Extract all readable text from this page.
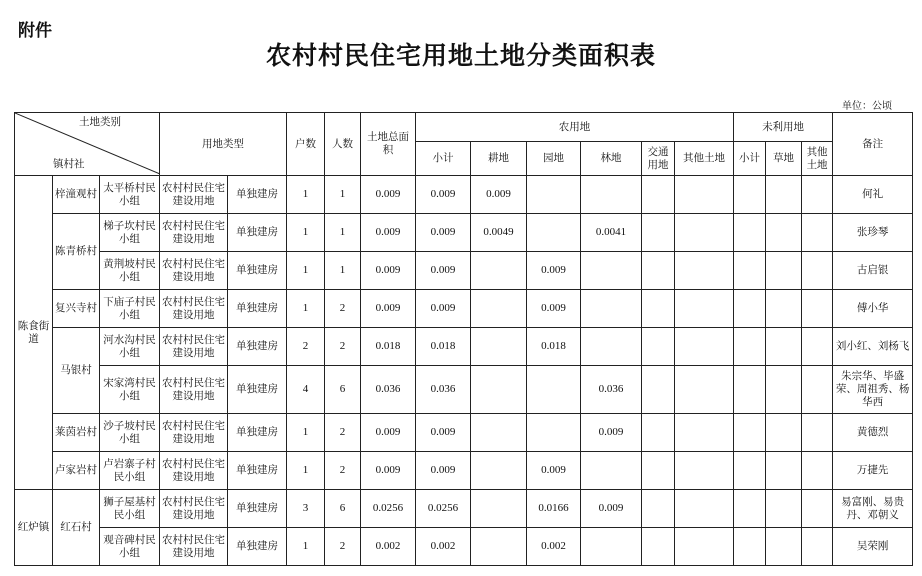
附件
农村村民住宅用地土地分类面积表
单位：公顷
土地类别
镇村社			用地类型		户数	人数	土地总面积	农用地						未利用地			备注
								小计	耕地	园地	林地	交通用地	其他土地	小计	草地	其他土地	
陈食街道	梓潼观村	太平桥村民小组	农村村民住宅建设用地	单独建房	1	1	0.009	0.009	0.009								何礼
	陈青桥村	梯子坎村民小组	农村村民住宅建设用地	单独建房	1	1	0.009	0.009	0.0049		0.0041						张珍琴
		黄荆坡村民小组	农村村民住宅建设用地	单独建房	1	1	0.009	0.009		0.009							古启银
	复兴寺村	下庙子村民小组	农村村民住宅建设用地	单独建房	1	2	0.009	0.009		0.009							傅小华
	马银村	河水沟村民小组	农村村民住宅建设用地	单独建房	2	2	0.018	0.018		0.018							刘小红、刘杨飞
		宋家湾村民小组	农村村民住宅建设用地	单独建房	4	6	0.036	0.036			0.036						朱宗华、毕盛荣、周祖秀、杨华西
	莱茵岩村	沙子坡村民小组	农村村民住宅建设用地	单独建房	1	2	0.009	0.009			0.009						黄德烈
	卢家岩村	卢岩寨子村民小组	农村村民住宅建设用地	单独建房	1	2	0.009	0.009		0.009							万捷先
红炉镇	红石村	狮子屋基村民小组	农村村民住宅建设用地	单独建房	3	6	0.0256	0.0256		0.0166	0.009						易富刚、易贵丹、邓朝义
		观音碑村民小组	农村村民住宅建设用地	单独建房	1	2	0.002	0.002		0.002							吴荣刚
